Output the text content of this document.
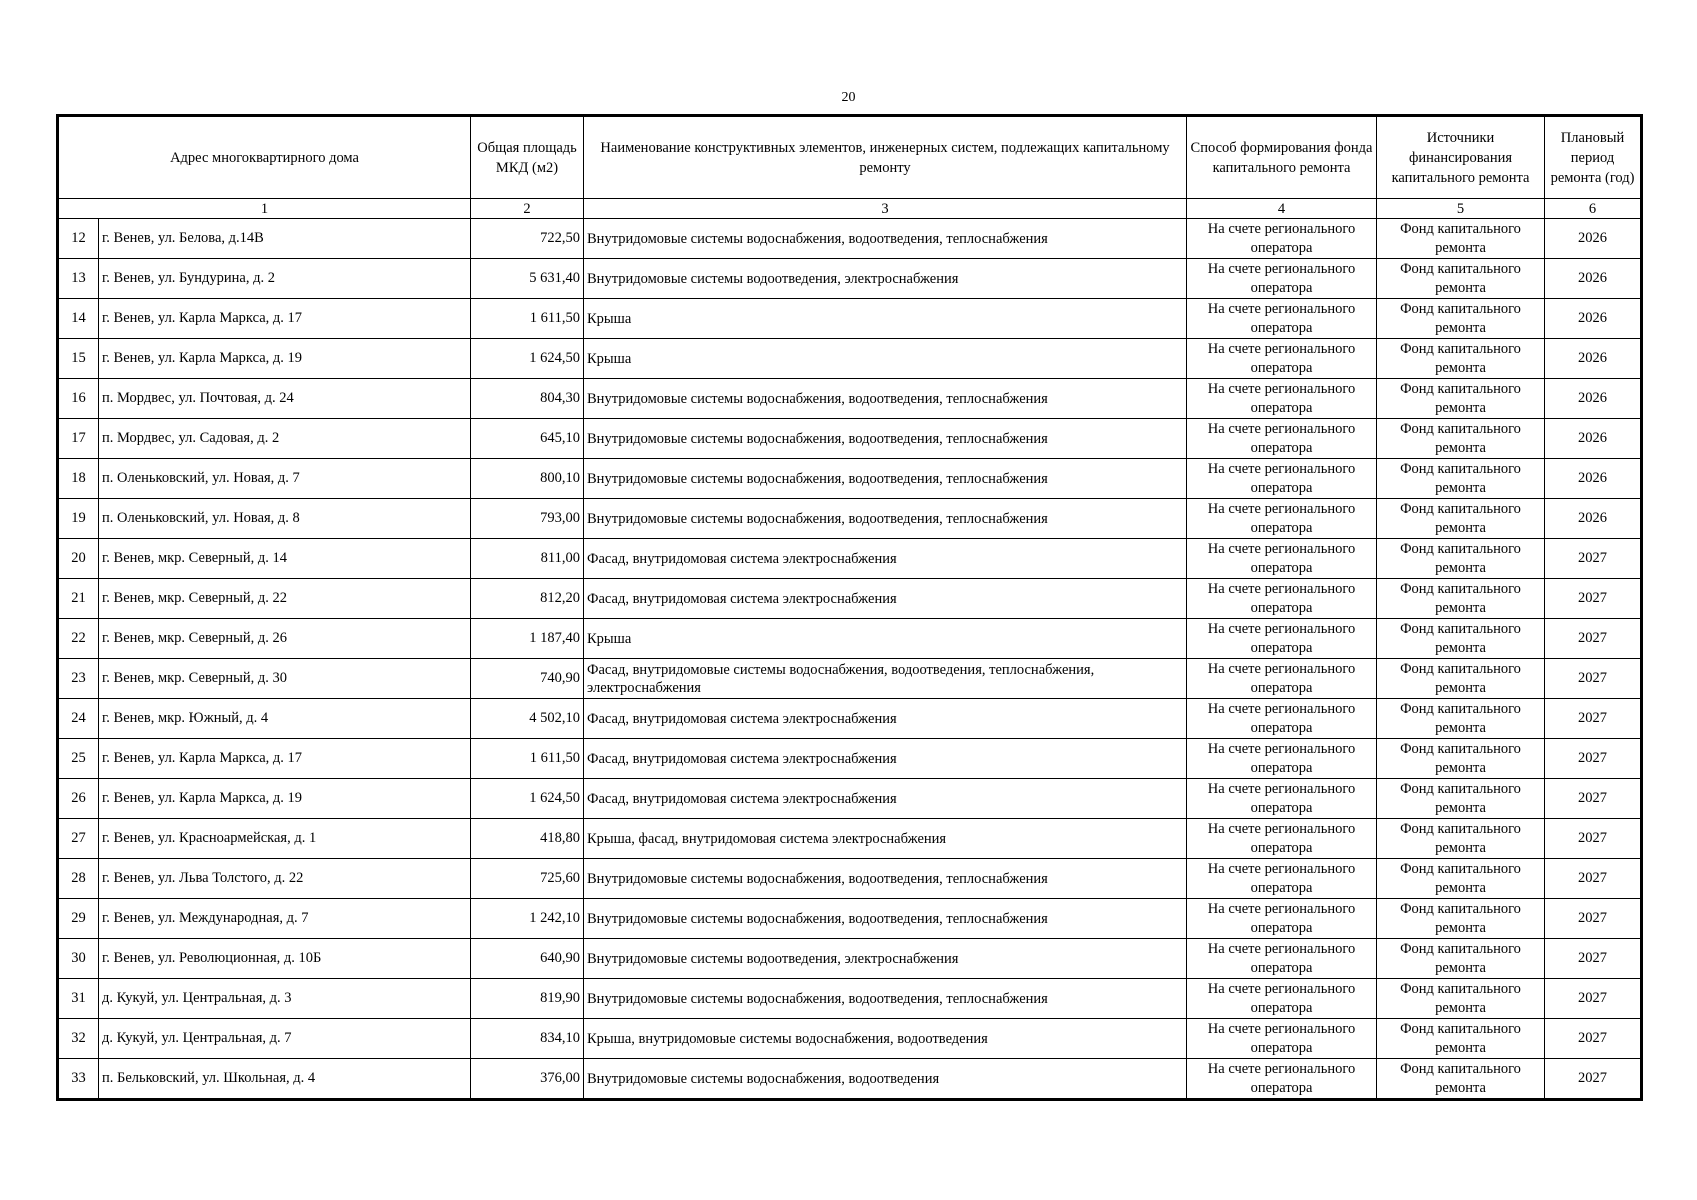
20
Адрес многоквартирного дома		Общая площадь МКД (м2)	Наименование конструктивных элементов, инженерных систем, подлежащих капитальному ремонту	Способ формирования фонда капитального ремонта	Источники финансирования капитального ремонта	Плановый период ремонта (год)
1		2	3	4	5	6
12	г. Венев, ул. Белова, д.14В	722,50	Внутридомовые системы водоснабжения, водоотведения, теплоснабжения	На счете регионального оператора	Фонд капитального ремонта	2026
13	г. Венев, ул. Бундурина, д. 2	5 631,40	Внутридомовые системы водоотведения, электроснабжения	На счете регионального оператора	Фонд капитального ремонта	2026
14	г. Венев, ул. Карла Маркса, д. 17	1 611,50	Крыша	На счете регионального оператора	Фонд капитального ремонта	2026
15	г. Венев, ул. Карла Маркса, д. 19	1 624,50	Крыша	На счете регионального оператора	Фонд капитального ремонта	2026
16	п. Мордвес, ул. Почтовая, д. 24	804,30	Внутридомовые системы водоснабжения, водоотведения, теплоснабжения	На счете регионального оператора	Фонд капитального ремонта	2026
17	п. Мордвес, ул. Садовая, д. 2	645,10	Внутридомовые системы водоснабжения, водоотведения, теплоснабжения	На счете регионального оператора	Фонд капитального ремонта	2026
18	п. Оленьковский, ул. Новая, д. 7	800,10	Внутридомовые системы водоснабжения, водоотведения, теплоснабжения	На счете регионального оператора	Фонд капитального ремонта	2026
19	п. Оленьковский, ул. Новая, д. 8	793,00	Внутридомовые системы водоснабжения, водоотведения, теплоснабжения	На счете регионального оператора	Фонд капитального ремонта	2026
20	г. Венев, мкр. Северный, д. 14	811,00	Фасад, внутридомовая система электроснабжения	На счете регионального оператора	Фонд капитального ремонта	2027
21	г. Венев, мкр. Северный, д. 22	812,20	Фасад, внутридомовая система электроснабжения	На счете регионального оператора	Фонд капитального ремонта	2027
22	г. Венев, мкр. Северный, д. 26	1 187,40	Крыша	На счете регионального оператора	Фонд капитального ремонта	2027
23	г. Венев, мкр. Северный, д. 30	740,90	Фасад, внутридомовые системы водоснабжения, водоотведения, теплоснабжения, электроснабжения	На счете регионального оператора	Фонд капитального ремонта	2027
24	г. Венев, мкр. Южный, д. 4	4 502,10	Фасад, внутридомовая система электроснабжения	На счете регионального оператора	Фонд капитального ремонта	2027
25	г. Венев, ул. Карла Маркса, д. 17	1 611,50	Фасад, внутридомовая система электроснабжения	На счете регионального оператора	Фонд капитального ремонта	2027
26	г. Венев, ул. Карла Маркса, д. 19	1 624,50	Фасад, внутридомовая система электроснабжения	На счете регионального оператора	Фонд капитального ремонта	2027
27	г. Венев, ул. Красноармейская, д. 1	418,80	Крыша, фасад, внутридомовая система электроснабжения	На счете регионального оператора	Фонд капитального ремонта	2027
28	г. Венев, ул. Льва Толстого, д. 22	725,60	Внутридомовые системы водоснабжения, водоотведения, теплоснабжения	На счете регионального оператора	Фонд капитального ремонта	2027
29	г. Венев, ул. Международная, д. 7	1 242,10	Внутридомовые системы водоснабжения, водоотведения, теплоснабжения	На счете регионального оператора	Фонд капитального ремонта	2027
30	г. Венев, ул. Революционная, д. 10Б	640,90	Внутридомовые системы водоотведения, электроснабжения	На счете регионального оператора	Фонд капитального ремонта	2027
31	д. Кукуй, ул. Центральная, д. 3	819,90	Внутридомовые системы водоснабжения, водоотведения, теплоснабжения	На счете регионального оператора	Фонд капитального ремонта	2027
32	д. Кукуй, ул. Центральная, д. 7	834,10	Крыша, внутридомовые системы водоснабжения, водоотведения	На счете регионального оператора	Фонд капитального ремонта	2027
33	п. Бельковский, ул. Школьная, д. 4	376,00	Внутридомовые системы водоснабжения, водоотведения	На счете регионального оператора	Фонд капитального ремонта	2027
